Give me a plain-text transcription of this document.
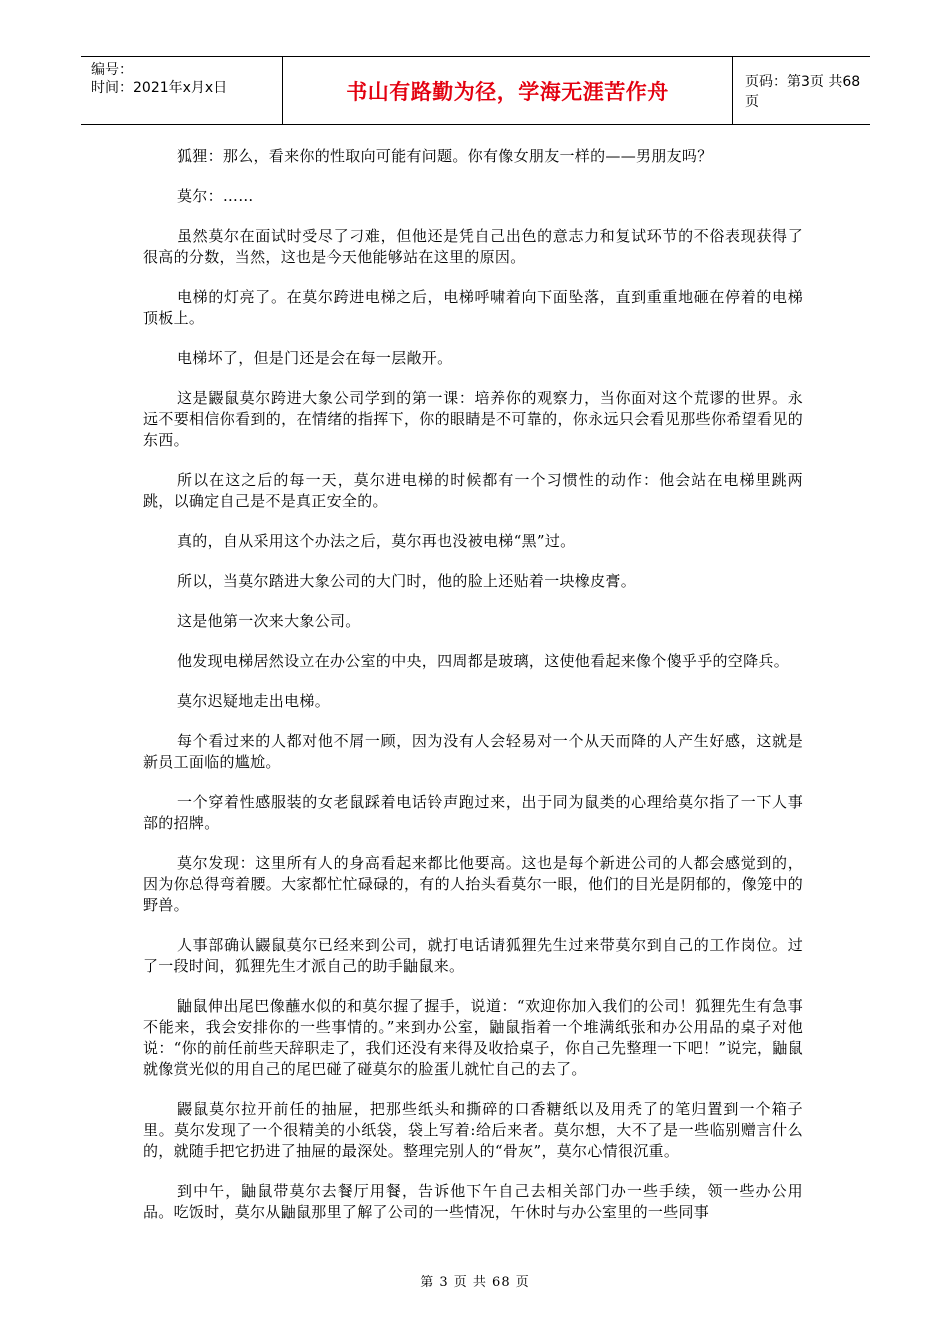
编号：
时间：2021年x月x日	书山有路勤为径，学海无涯苦作舟	页码：第3页 共68页

狐狸：那么，看来你的性取向可能有问题。你有像女朋友一样的——男朋友吗？

莫尔：……

虽然莫尔在面试时受尽了刁难，但他还是凭自己出色的意志力和复试环节的不俗表现获得了很高的分数，当然，这也是今天他能够站在这里的原因。

电梯的灯亮了。在莫尔跨进电梯之后，电梯呼啸着向下面坠落，直到重重地砸在停着的电梯顶板上。

电梯坏了，但是门还是会在每一层敞开。

这是鼹鼠莫尔跨进大象公司学到的第一课：培养你的观察力，当你面对这个荒谬的世界。永远不要相信你看到的，在情绪的指挥下，你的眼睛是不可靠的，你永远只会看见那些你希望看见的东西。

所以在这之后的每一天，莫尔进电梯的时候都有一个习惯性的动作：他会站在电梯里跳两跳，以确定自己是不是真正安全的。

真的，自从采用这个办法之后，莫尔再也没被电梯“黑”过。

所以，当莫尔踏进大象公司的大门时，他的脸上还贴着一块橡皮膏。

这是他第一次来大象公司。

他发现电梯居然设立在办公室的中央，四周都是玻璃，这使他看起来像个傻乎乎的空降兵。

莫尔迟疑地走出电梯。

每个看过来的人都对他不屑一顾，因为没有人会轻易对一个从天而降的人产生好感，这就是新员工面临的尴尬。

一个穿着性感服装的女老鼠踩着电话铃声跑过来，出于同为鼠类的心理给莫尔指了一下人事部的招牌。

莫尔发现：这里所有人的身高看起来都比他要高。这也是每个新进公司的人都会感觉到的，因为你总得弯着腰。大家都忙忙碌碌的，有的人抬头看莫尔一眼，他们的目光是阴郁的，像笼中的野兽。

人事部确认鼹鼠莫尔已经来到公司，就打电话请狐狸先生过来带莫尔到自己的工作岗位。过了一段时间，狐狸先生才派自己的助手鼬鼠来。

鼬鼠伸出尾巴像蘸水似的和莫尔握了握手，说道：“欢迎你加入我们的公司！狐狸先生有急事不能来，我会安排你的一些事情的。”来到办公室，鼬鼠指着一个堆满纸张和办公用品的桌子对他说：“你的前任前些天辞职走了，我们还没有来得及收拾桌子，你自己先整理一下吧！”说完，鼬鼠就像赏光似的用自己的尾巴碰了碰莫尔的脸蛋儿就忙自己的去了。

鼹鼠莫尔拉开前任的抽屉，把那些纸头和撕碎的口香糖纸以及用秃了的笔归置到一个箱子里。莫尔发现了一个很精美的小纸袋，袋上写着:给后来者。莫尔想，大不了是一些临别赠言什么的，就随手把它扔进了抽屉的最深处。整理完别人的“骨灰”，莫尔心情很沉重。

到中午，鼬鼠带莫尔去餐厅用餐，告诉他下午自己去相关部门办一些手续，领一些办公用品。吃饭时，莫尔从鼬鼠那里了解了公司的一些情况，午休时与办公室里的一些同事

第 3 页 共 68 页
